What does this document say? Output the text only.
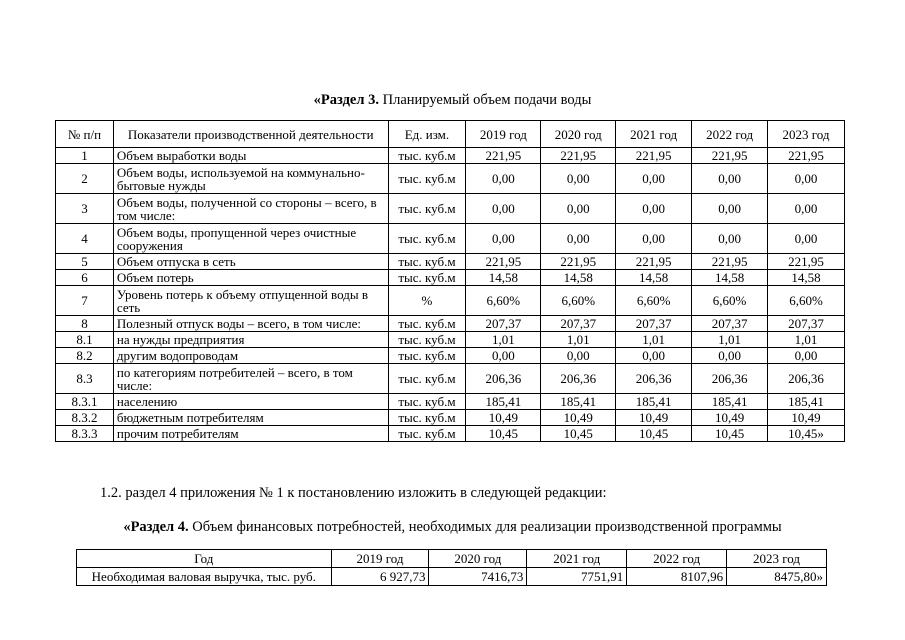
«Раздел 3. Планируемый объем подачи воды
№ п/п	Показатели производственной деятельности	Ед. изм.	2019 год	2020 год	2021 год	2022 год	2023 год
1	Объем выработки воды	тыс. куб.м	221,95	221,95	221,95	221,95	221,95
2	Объем воды, используемой на коммунально-бытовые нужды	тыс. куб.м	0,00	0,00	0,00	0,00	0,00
3	Объем воды, полученной со стороны – всего, в том числе:	тыс. куб.м	0,00	0,00	0,00	0,00	0,00
4	Объем воды, пропущенной через очистные сооружения	тыс. куб.м	0,00	0,00	0,00	0,00	0,00
5	Объем отпуска в сеть	тыс. куб.м	221,95	221,95	221,95	221,95	221,95
6	Объем потерь	тыс. куб.м	14,58	14,58	14,58	14,58	14,58
7	Уровень потерь к объему отпущенной воды в сеть	%	6,60%	6,60%	6,60%	6,60%	6,60%
8	Полезный отпуск воды – всего, в том числе:	тыс. куб.м	207,37	207,37	207,37	207,37	207,37
8.1	на нужды предприятия	тыс. куб.м	1,01	1,01	1,01	1,01	1,01
8.2	другим водопроводам	тыс. куб.м	0,00	0,00	0,00	0,00	0,00
8.3	по категориям потребителей – всего, в том числе:	тыс. куб.м	206,36	206,36	206,36	206,36	206,36
8.3.1	населению	тыс. куб.м	185,41	185,41	185,41	185,41	185,41
8.3.2	бюджетным потребителям	тыс. куб.м	10,49	10,49	10,49	10,49	10,49
8.3.3	прочим потребителям	тыс. куб.м	10,45	10,45	10,45	10,45	10,45»
1.2. раздел 4 приложения № 1 к постановлению изложить в следующей редакции:
«Раздел 4. Объем финансовых потребностей, необходимых для реализации производственной программы
Год	2019 год	2020 год	2021 год	2022 год	2023 год
Необходимая валовая выручка, тыс. руб.	6 927,73	7416,73	7751,91	8107,96	8475,80»
